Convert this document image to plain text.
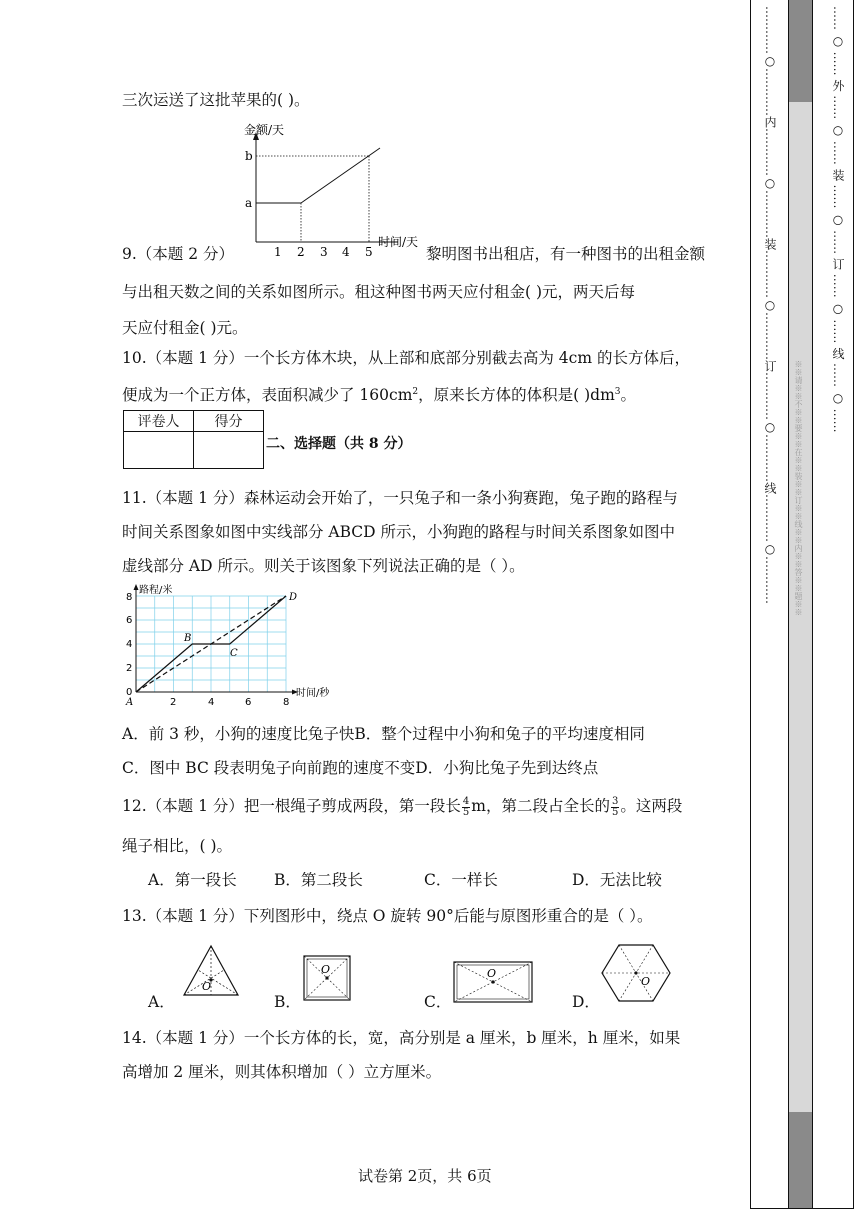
三次运送了这批苹果的( )。
金额/天
时间/天
a
b
1 2 3 4 5
9.（本题 2 分）	黎明图书出租店，有一种图书的出租金额
与出租天数之间的关系如图所示。租这种图书两天应付租金( )元，两天后每
天应付租金( )元。
10.（本题 1 分）一个长方体木块，从上部和底部分别截去高为 4cm 的长方体后，
便成为一个正方体，表面积减少了 $160cm^2$，原来长方体的体积是( )$dm^3$。
评卷人	得分

二、选择题（共 8 分）
11.（本题 1 分）森林运动会开始了，一只兔子和一条小狗赛跑，兔子跑的路程与
时间关系图象如图中实线部分 ABCD 所示，小狗跑的路程与时间关系图象如图中
虚线部分 AD 所示。则关于该图象下列说法正确的是（ ）。
路程/米
时间/秒
0
2
4
6
8
2	4	6	8
A
B
C
D
A．前 3 秒，小狗的速度比兔子快B．整个过程中小狗和兔子的平均速度相同
C．图中 BC 段表明兔子向前跑的速度不变D．小狗比兔子先到达终点
12.（本题 1 分）把一根绳子剪成两段，第一段长 $\frac{4}{5}$ m，第二段占全长的 $\frac{3}{5}$ 。这两段
绳子相比，( )。
A．第一段长 B．第二段长	C．一样长	D．无法比较
13.（本题 1 分）下列图形中，绕点 O 旋转 90°后能与原图形重合的是（ ）。
A．
O
B．
O
C．
O
D．
O
14.（本题 1 分）一个长方体的长，宽，高分别是 a 厘米，b 厘米，h 厘米，如果
高增加 2 厘米，则其体积增加（ ）立方厘米。
试卷第 2页，共 6页
…………○…………内…………○…………装…………○…………订…………○…………线…………○…………	…… ○ …… 外 …… ○ …… 装 …… ○ …… 订 …… ○ …… 线 …… ○ ……
※※请※※不※※要※※在※※装※※订※※线※※内※※答※※题※※
